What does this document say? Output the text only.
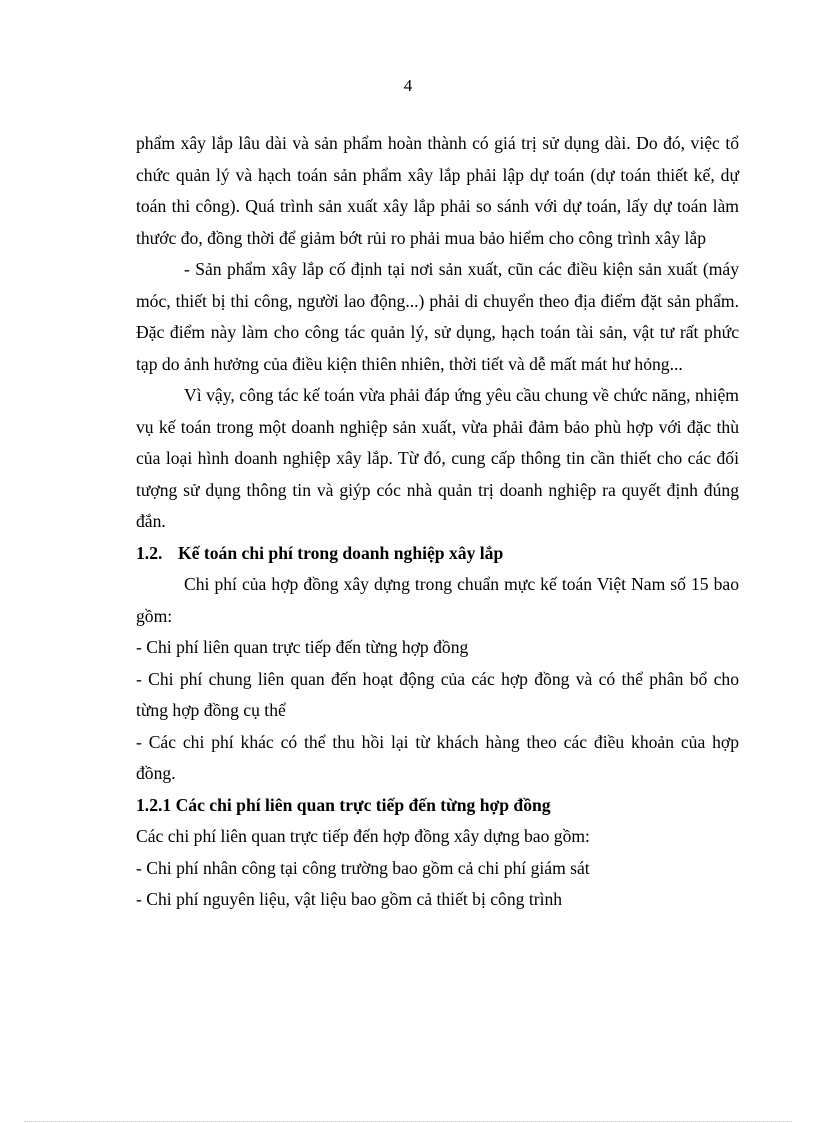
4

phẩm xây lắp lâu dài và sản phẩm hoàn thành có giá trị sử dụng dài. Do đó, việc tổ chức quản lý và hạch toán sản phẩm xây lắp phải lập dự toán (dự toán thiết kế, dự toán thi công). Quá trình sản xuất xây lắp phải so sánh với dự toán, lấy dự toán làm thước đo, đồng thời để giảm bớt rủi ro phải mua bảo hiểm cho công trình xây lắp

- Sản phẩm xây lắp cố định tại nơi sản xuất, cũn các điều kiện sản xuất (máy móc, thiết bị thi công, người lao động...) phải di chuyển theo địa điểm đặt sản phẩm. Đặc điểm này làm cho công tác quản lý, sử dụng, hạch toán tài sản, vật tư rất phức tạp do ảnh hưởng của điều kiện thiên nhiên, thời tiết và dễ mất mát hư hỏng...

Vì vậy, công tác kế toán vừa phải đáp ứng yêu cầu chung về chức năng, nhiệm vụ kế toán trong một doanh nghiệp sản xuất, vừa phải đảm bảo phù hợp với đặc thù của loại hình doanh nghiệp xây lắp. Từ đó, cung cấp thông tin cần thiết cho các đối tượng sử dụng thông tin và giýp cóc nhà quản trị doanh nghiệp ra quyết định đúng đắn.

1.2. Kế toán chi phí trong doanh nghiệp xây lắp

Chi phí của hợp đồng xây dựng trong chuẩn mực kế toán Việt Nam số 15 bao gồm:

- Chi phí liên quan trực tiếp đến từng hợp đồng

- Chi phí chung liên quan đến hoạt động của các hợp đồng và có thể phân bổ cho từng hợp đồng cụ thể

- Các chi phí khác có thể thu hồi lại từ khách hàng theo các điều khoản của hợp đồng.

1.2.1 Các chi phí liên quan trực tiếp đến từng hợp đồng

Các chi phí liên quan trực tiếp đến hợp đồng xây dựng bao gồm:

- Chi phí nhân công tại công trường bao gồm cả chi phí giám sát

- Chi phí nguyên liệu, vật liệu bao gồm cả thiết bị công trình
